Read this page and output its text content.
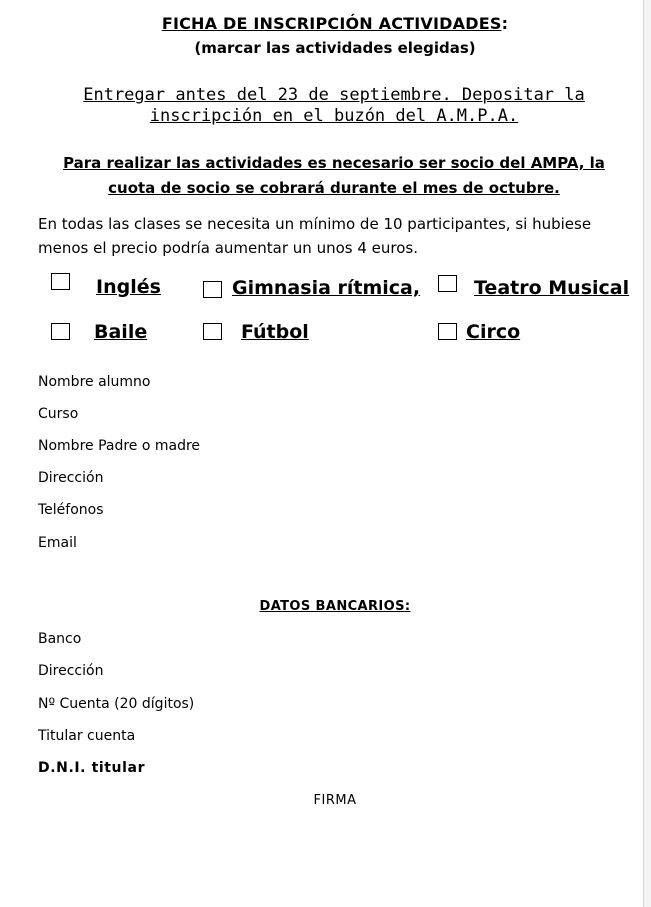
FICHA DE INSCRIPCIÓN ACTIVIDADES:
(marcar las actividades elegidas)
Entregar antes del 23 de septiembre. Depositar la inscripción en el buzón del A.M.P.A.
Para realizar las actividades es necesario ser socio del AMPA, la cuota de socio se cobrará durante el mes de octubre.
En todas las clases se necesita un mínimo de 10 participantes, si hubiese menos el precio podría aumentar un unos 4 euros.
Inglés	Gimnasia rítmica,	Teatro Musical
Baile	Fútbol	Circo
Nombre alumno
Curso
Nombre Padre o madre
Dirección
Teléfonos
Email
DATOS BANCARIOS:
Banco
Dirección
Nº Cuenta (20 dígitos)
Titular cuenta
D.N.I. titular
FIRMA
